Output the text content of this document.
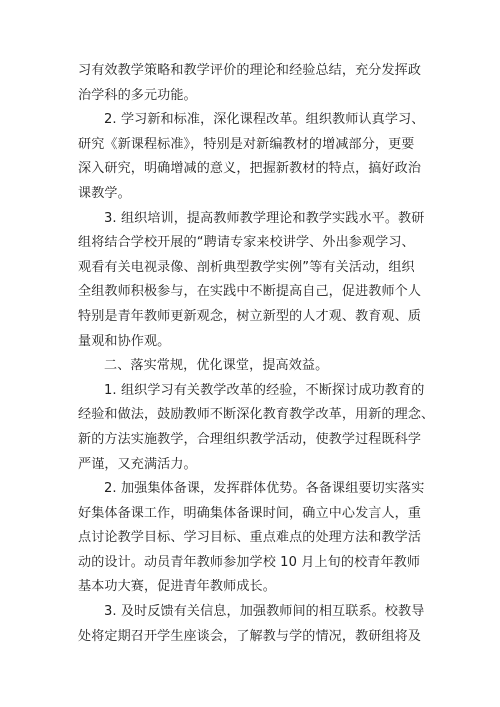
习有效教学策略和教学评价的理论和经验总结，充分发挥政
治学科的多元功能。
2. 学习新和标准，深化课程改革。组织教师认真学习、
研究《新课程标准》，特别是对新编教材的增减部分，更要
深入研究，明确增减的意义，把握新教材的特点，搞好政治
课教学。
3. 组织培训，提高教师教学理论和教学实践水平。教研
组将结合学校开展的“聘请专家来校讲学、外出参观学习、
观看有关电视录像、剖析典型教学实例”等有关活动，组织
全组教师积极参与，在实践中不断提高自己，促进教师个人
特别是青年教师更新观念，树立新型的人才观、教育观、质
量观和协作观。
二、落实常规，优化课堂，提高效益。
1. 组织学习有关教学改革的经验，不断探讨成功教育的
经验和做法，鼓励教师不断深化教育教学改革，用新的理念、
新的方法实施教学，合理组织教学活动，使教学过程既科学
严谨，又充满活力。
2. 加强集体备课，发挥群体优势。各备课组要切实落实
好集体备课工作，明确集体备课时间，确立中心发言人，重
点讨论教学目标、学习目标、重点难点的处理方法和教学活
动的设计。动员青年教师参加学校 10 月上旬的校青年教师
基本功大赛，促进青年教师成长。
3. 及时反馈有关信息，加强教师间的相互联系。校教导
处将定期召开学生座谈会，了解教与学的情况，教研组将及
